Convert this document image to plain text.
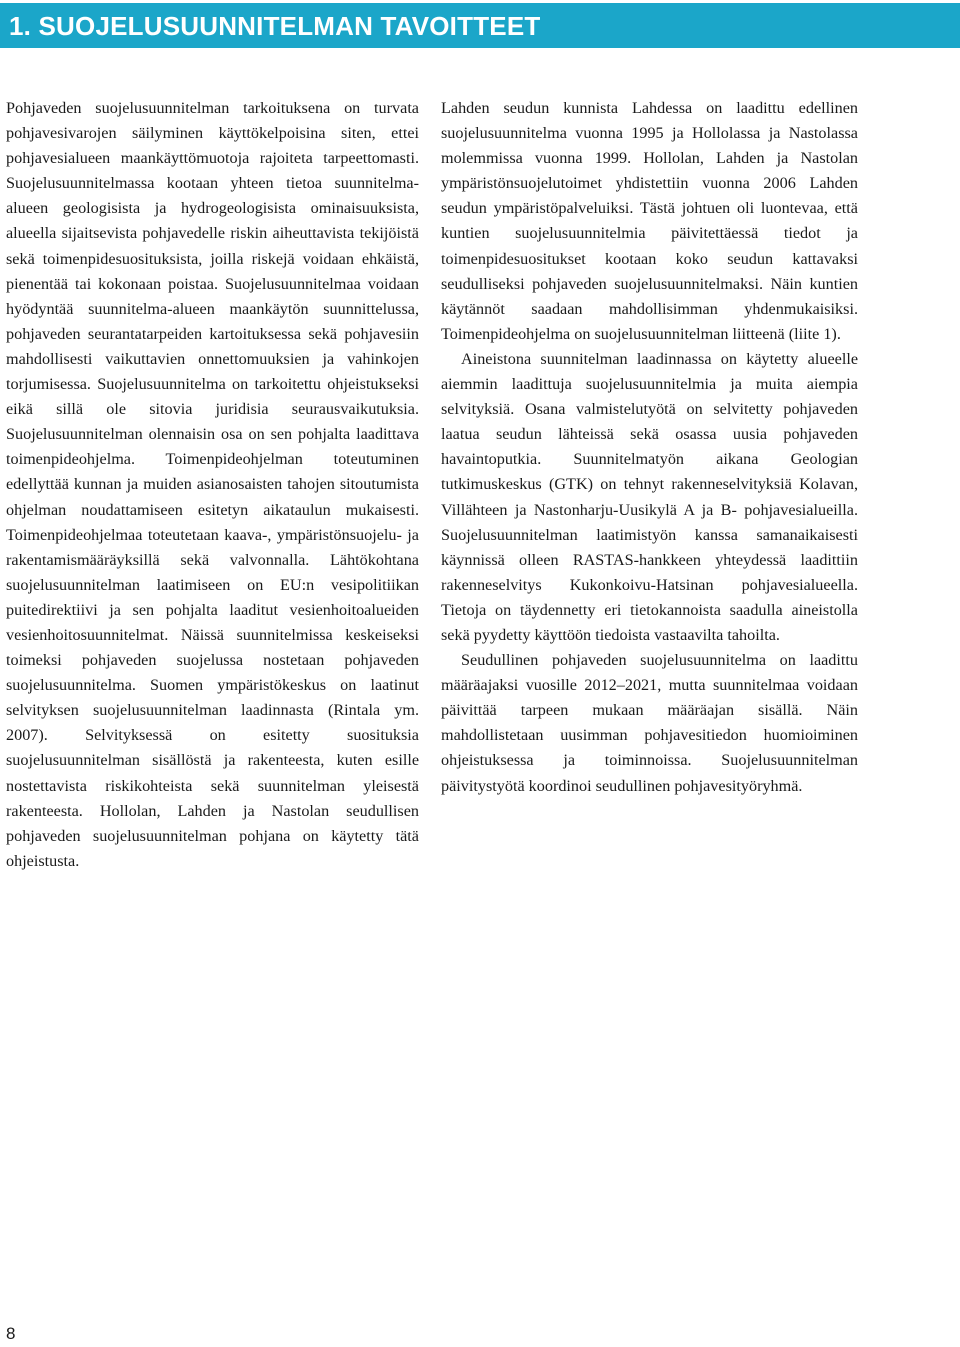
1. SUOJELUSUUNNITELMAN TAVOITTEET

Pohjaveden suojelusuunnitelman tarkoituksena on turvata pohjavesivarojen säilyminen käyttökelpoisina siten, ettei pohjavesialueen maankäyttömuotoja rajoiteta tarpeettomasti. Suojelusuunnitelmassa kootaan yhteen tietoa suunnitelma-alueen geologisista ja hydrogeologisista ominaisuuksista, alueella sijaitsevista pohjavedelle riskin aiheuttavista tekijöistä sekä toimenpidesuosituksista, joilla riskejä voidaan ehkäistä, pienentää tai kokonaan poistaa. Suojelusuunnitelmaa voidaan hyödyntää suunnitelma-alueen maankäytön suunnittelussa, pohjaveden seurantatarpeiden kartoituksessa sekä pohjavesiin mahdollisesti vaikuttavien onnettomuuksien ja vahinkojen torjumisessa. Suojelusuunnitelma on tarkoitettu ohjeistukseksi eikä sillä ole sitovia juridisia seurausvaikutuksia. Suojelusuunnitelman olennaisin osa on sen pohjalta laadittava toimenpideohjelma. Toimenpideohjelman toteutuminen edellyttää kunnan ja muiden asianosaisten tahojen sitoutumista ohjelman noudattamiseen esitetyn aikataulun mukaisesti. Toimenpideohjelmaa toteutetaan kaava-, ympäristönsuojelu- ja rakentamismääräyksillä sekä valvonnalla. Lähtökohtana suojelusuunnitelman laatimiseen on EU:n vesipolitiikan puitedirektiivi ja sen pohjalta laaditut vesienhoitoalueiden vesienhoitosuunnitelmat. Näissä suunnitelmissa keskeiseksi toimeksi pohjaveden suojelussa nostetaan pohjaveden suojelusuunnitelma. Suomen ympäristökeskus on laatinut selvityksen suojelusuunnitelman laadinnasta (Rintala ym. 2007). Selvityksessä on esitetty suosituksia suojelusuunnitelman sisällöstä ja rakenteesta, kuten esille nostettavista riskikohteista sekä suunnitelman yleisestä rakenteesta. Hollolan, Lahden ja Nastolan seudullisen pohjaveden suojelusuunnitelman pohjana on käytetty tätä ohjeistusta.

Lahden seudun kunnista Lahdessa on laadittu edellinen suojelusuunnitelma vuonna 1995 ja Hollolassa ja Nastolassa molemmissa vuonna 1999. Hollolan, Lahden ja Nastolan ympäristönsuojelutoimet yhdistettiin vuonna 2006 Lahden seudun ympäristöpalveluiksi. Tästä johtuen oli luontevaa, että kuntien suojelusuunnitelmia päivitettäessä tiedot ja toimenpidesuositukset kootaan koko seudun kattavaksi seudulliseksi pohjaveden suojelusuunnitelmaksi. Näin kuntien käytännöt saadaan mahdollisimman yhdenmukaisiksi. Toimenpideohjelma on suojelusuunnitelman liitteenä (liite 1).

Aineistona suunnitelman laadinnassa on käytetty alueelle aiemmin laadittuja suojelusuunnitelmia ja muita aiempia selvityksiä. Osana valmistelutyötä on selvitetty pohjaveden laatua seudun lähteissä sekä osassa uusia pohjaveden havaintoputkia. Suunnitelmatyön aikana Geologian tutkimuskeskus (GTK) on tehnyt rakenneselvityksiä Kolavan, Villähteen ja Nastonharju-Uusikylä A ja B- pohjavesialueilla. Suojelusuunnitelman laatimistyön kanssa samanaikaisesti käynnissä olleen RASTAS-hankkeen yhteydessä laadittiin rakenneselvitys Kukonkoivu-Hatsinan pohjavesialueella. Tietoja on täydennetty eri tietokannoista saadulla aineistolla sekä pyydetty käyttöön tiedoista vastaavilta tahoilta.

Seudullinen pohjaveden suojelusuunnitelma on laadittu määräajaksi vuosille 2012–2021, mutta suunnitelmaa voidaan päivittää tarpeen mukaan määräajan sisällä. Näin mahdollistetaan uusimman pohjavesitiedon huomioiminen ohjeistuksessa ja toiminnoissa. Suojelusuunnitelman päivitystyötä koordinoi seudullinen pohjavesityöryhmä.

8
